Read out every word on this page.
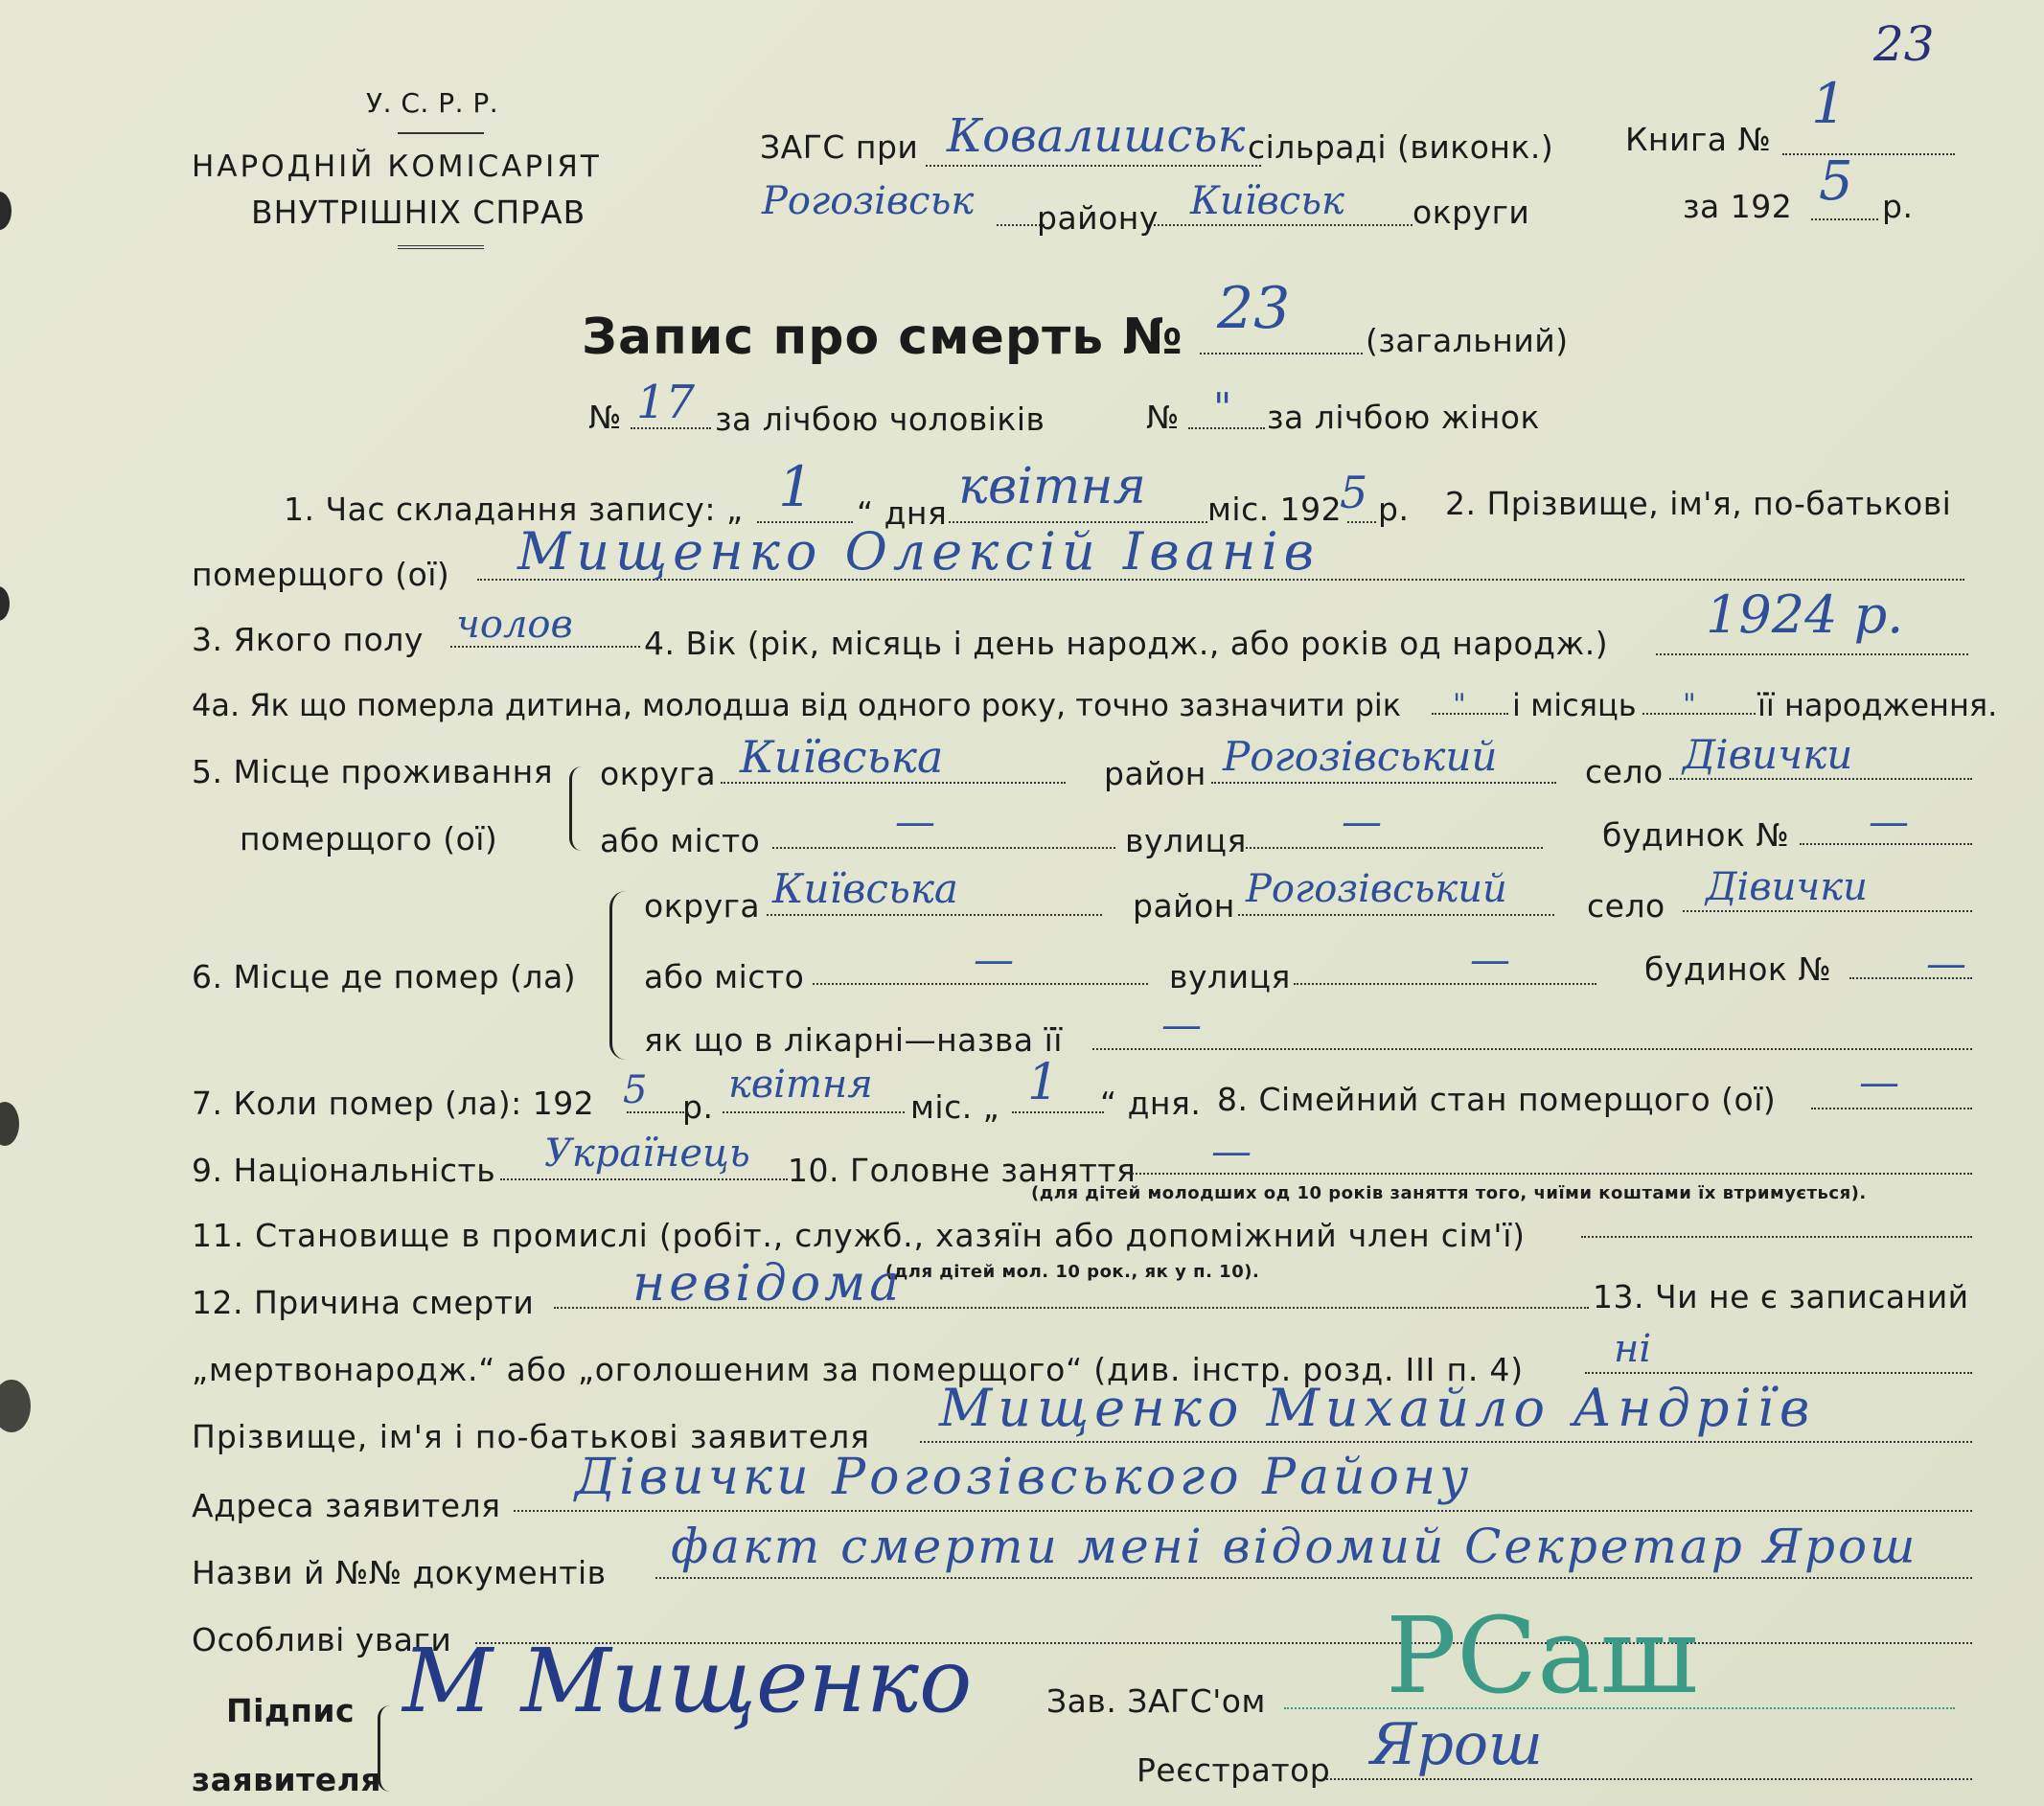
23
У. С. Р. Р.
НАРОДНІЙ КОМІСАРІЯТ
ВНУТРІШНІХ СПРАВ
ЗАГС при Ковалишськ сільраді (виконк.) Книга №
1
Рогозівськ району Київськ округи	за 192 5 р.
Запис про смерть № 23 (загальний)
№ 17 за лічбою чоловіків	№ " за лічбою жінок
1. Час складання запису: „ 1 “ дня квітня міс. 192
5 р. 2. Прізвище, ім'я, по-батькові
померщого (ої) Мищенко Олексій Іванів
3. Якого полу чолов 4. Вік (рік, місяць і день народж., або років од народж.) 1924 р.
4а. Як що померла дитина, молодша від одного року, точно зазначити рік " і місяць " її народження.
5. Місце проживання
померщого (ої)
округа Київська	район Рогозівський	село Дівички
або місто	—	вулиця —	будинок № —
6. Місце де помер (ла)
округа Київська	район Рогозівський	село Дівички
або місто	—	вулиця	—	будинок № —
як що в лікарні—назва її —
7. Коли помер (ла): 192 5 р.
квітня
міс. „ 1 “ дня. 8. Сімейний стан померщого (ої) —
9. Національність Українець 10. Головне заняття —
(для дітей молодших од 10 років заняття того, чиїми коштами їх втримується).
11. Становище в промислі (робіт., служб., хазяїн або допоміжний член сім'ї)
(для дітей мол. 10 рок., як у п. 10).
12. Причина смерти невідома	13. Чи не є записаний
„мертвонародж.“ або „оголошеним за померщого“ (див. інстр. розд. III п. 4) ні
Прізвище, ім'я і по-батькові заявителя Мищенко Михайло Андріїв
Адреса заявителя Дівички Рогозівського Району
Назви й №№ документів факт смерти мені відомий Секретар Ярош
Особливі уваги
Підпис
заявителя
М Мищенко Зав. ЗАГС'ом РСаш
Реєстратор Ярош
